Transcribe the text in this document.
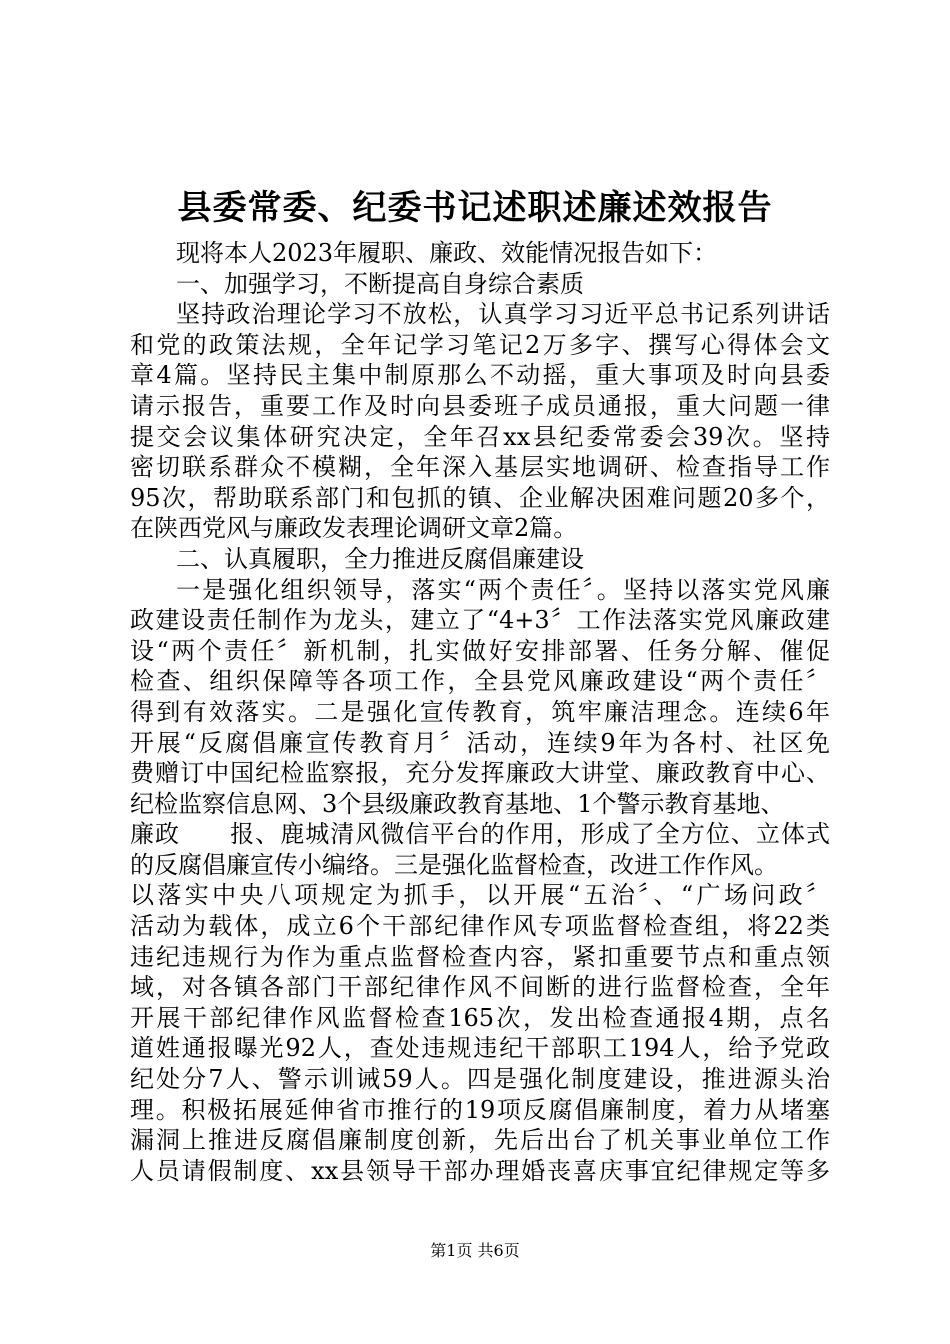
县委常委、纪委书记述职述廉述效报告
现将本人2023年履职、廉政、效能情况报告如下：
一、加强学习，不断提高自身综合素质
坚持政治理论学习不放松，认真学习习近平总书记系列讲话
和党的政策法规，全年记学习笔记2万多字、撰写心得体会文
章4篇。坚持民主集中制原那么不动摇，重大事项及时向县委
请示报告，重要工作及时向县委班子成员通报，重大问题一律
提交会议集体研究决定，全年召xx县纪委常委会39次。坚持
密切联系群众不模糊，全年深入基层实地调研、检查指导工作
95次，帮助联系部门和包抓的镇、企业解决困难问题20多个，
在陕西党风与廉政发表理论调研文章2篇。
二、认真履职，全力推进反腐倡廉建设
一是强化组织领导，落实“两个责任〞。坚持以落实党风廉
政建设责任制作为龙头，建立了“4+3〞工作法落实党风廉政建
设“两个责任〞新机制，扎实做好安排部署、任务分解、催促
检查、组织保障等各项工作，全县党风廉政建设“两个责任〞
得到有效落实。二是强化宣传教育，筑牢廉洁理念。连续6年
开展“反腐倡廉宣传教育月〞活动，连续9年为各村、社区免
费赠订中国纪检监察报，充分发挥廉政大讲堂、廉政教育中心、
纪检监察信息网、3个县级廉政教育基地、1个警示教育基地、
廉政　　报、鹿城清风微信平台的作用，形成了全方位、立体式
的反腐倡廉宣传小编络。三是强化监督检查，改进工作作风。
以落实中央八项规定为抓手，以开展“五治〞、“广场问政〞
活动为载体，成立6个干部纪律作风专项监督检查组，将22类
违纪违规行为作为重点监督检查内容，紧扣重要节点和重点领
域，对各镇各部门干部纪律作风不间断的进行监督检查，全年
开展干部纪律作风监督检查165次，发出检查通报4期，点名
道姓通报曝光92人，查处违规违纪干部职工194人，给予党政
纪处分7人、警示训诫59人。四是强化制度建设，推进源头治
理。积极拓展延伸省市推行的19项反腐倡廉制度，着力从堵塞
漏洞上推进反腐倡廉制度创新，先后出台了机关事业单位工作
人员请假制度、xx县领导干部办理婚丧喜庆事宜纪律规定等多
第1页 共6页
